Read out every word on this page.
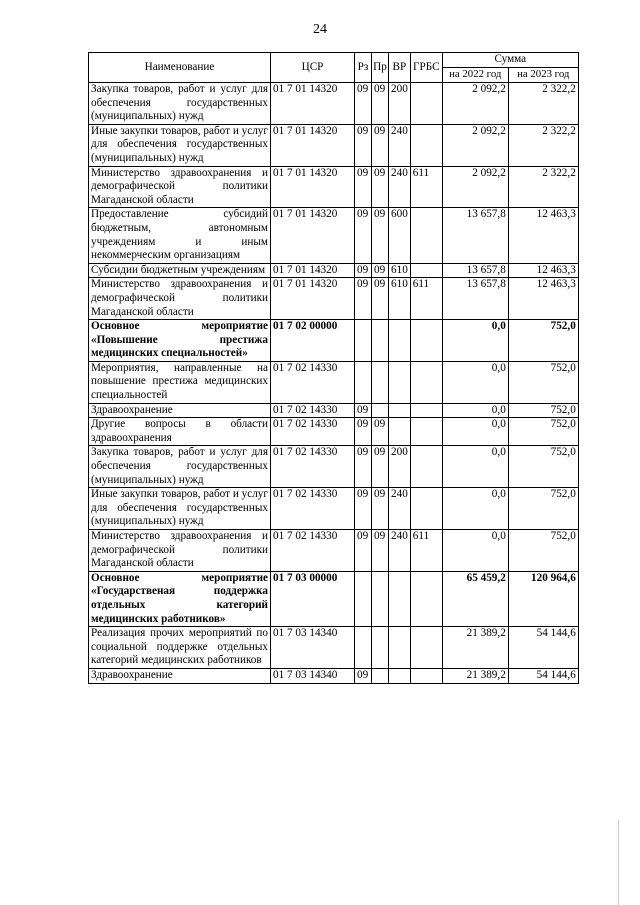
24
Наименование	ЦСР	Рз	Пр	ВР	ГРБС	Сумма	
						на 2022 год	на 2023 год
Закупка товаров, работ и услуг для обеспечения государственных (муниципальных) нужд	01 7 01 14320	09	09	200		2 092,2	2 322,2
Иные закупки товаров, работ и услуг для обеспечения государственных (муниципальных) нужд	01 7 01 14320	09	09	240		2 092,2	2 322,2
Министерство здравоохранения и демографической политики Магаданской области	01 7 01 14320	09	09	240	611	2 092,2	2 322,2
Предоставление субсидий бюджетным, автономным учреждениям и иным некоммерческим организациям	01 7 01 14320	09	09	600		13 657,8	12 463,3
Субсидии бюджетным учреждениям	01 7 01 14320	09	09	610		13 657,8	12 463,3
Министерство здравоохранения и демографической политики Магаданской области	01 7 01 14320	09	09	610	611	13 657,8	12 463,3
Основное мероприятие «Повышение престижа медицинских специальностей»	01 7 02 00000					0,0	752,0
Мероприятия, направленные на повышение престижа медицинских специальностей	01 7 02 14330					0,0	752,0
Здравоохранение	01 7 02 14330	09				0,0	752,0
Другие вопросы в области здравоохранения	01 7 02 14330	09	09			0,0	752,0
Закупка товаров, работ и услуг для обеспечения государственных (муниципальных) нужд	01 7 02 14330	09	09	200		0,0	752,0
Иные закупки товаров, работ и услуг для обеспечения государственных (муниципальных) нужд	01 7 02 14330	09	09	240		0,0	752,0
Министерство здравоохранения и демографической политики Магаданской области	01 7 02 14330	09	09	240	611	0,0	752,0
Основное мероприятие «Государственая поддержка отдельных категорий медицинских работников»	01 7 03 00000					65 459,2	120 964,6
Реализация прочих мероприятий по социальной поддержке отдельных категорий медицинских работников	01 7 03 14340					21 389,2	54 144,6
Здравоохранение	01 7 03 14340	09				21 389,2	54 144,6
